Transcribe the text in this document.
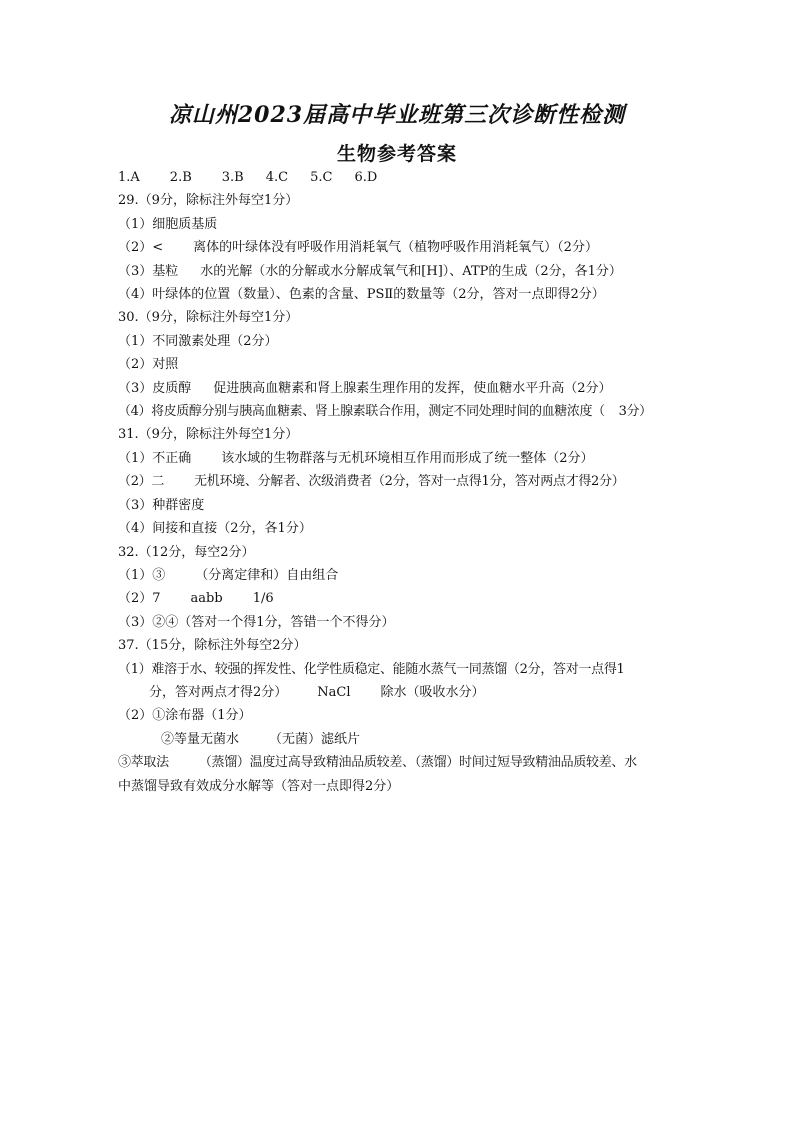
凉山州2023届高中毕业班第三次诊断性检测
生物参考答案
1.A 2.B 3.B 4.C 5.C 6.D
29.（9分，除标注外每空1分）
（1）细胞质基质
（2）< 离体的叶绿体没有呼吸作用消耗氧气（植物呼吸作用消耗氧气）（2分）
（3）基粒 水的光解（水的分解或水分解成氧气和[H]）、ATP的生成（2分，各1分）
（4）叶绿体的位置（数量）、色素的含量、PSⅡ的数量等（2分，答对一点即得2分）
30.（9分，除标注外每空1分）
（1）不同激素处理（2分）
（2）对照
（3）皮质醇 促进胰高血糖素和肾上腺素生理作用的发挥，使血糖水平升高（2分）
（4）将皮质醇分别与胰高血糖素、肾上腺素联合作用，测定不同处理时间的血糖浓度（ 3分）
31.（9分，除标注外每空1分）
（1）不正确 该水域的生物群落与无机环境相互作用而形成了统一整体（2分）
（2）二 无机环境、分解者、次级消费者（2分，答对一点得1分，答对两点才得2分）
（3）种群密度
（4）间接和直接（2分，各1分）
32.（12分，每空2分）
（1）③ （分离定律和）自由组合
（2）7 aabb 1/6
（3）②④（答对一个得1分，答错一个不得分）
37.（15分，除标注外每空2分）
（1）难溶于水、较强的挥发性、化学性质稳定、能随水蒸气一同蒸馏（2分，答对一点得1
分，答对两点才得2分） NaCl 除水（吸收水分）
（2）①涂布器（1分）
②等量无菌水 （无菌）滤纸片
③萃取法 （蒸馏）温度过高导致精油品质较差、（蒸馏）时间过短导致精油品质较差、水
中蒸馏导致有效成分水解等（答对一点即得2分）
